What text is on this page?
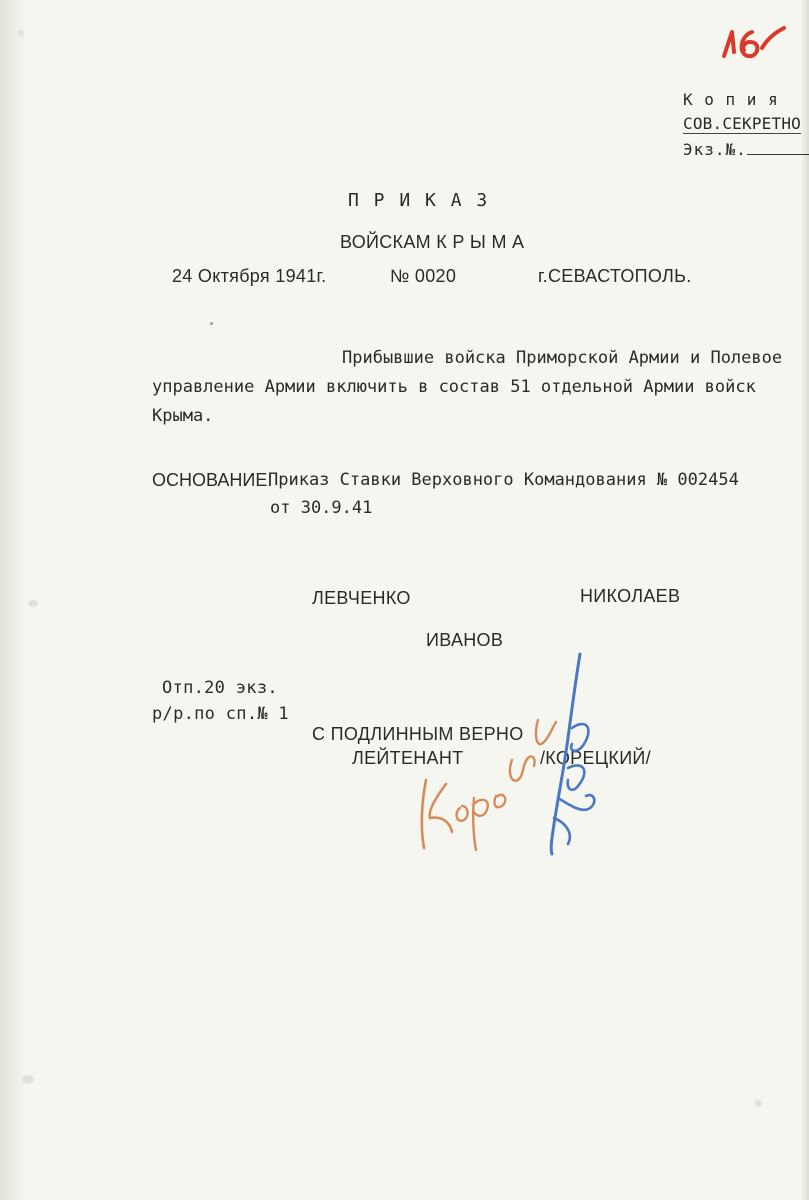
К о п и я
СОВ.СЕКРЕТНО
Экз.№.
П Р И К А З
ВОЙСКАМ К Р Ы М А
24 Октября 1941г.	№ 0020	г.СЕВАСТОПОЛЬ.
Прибывшие войска Приморской Армии и Полевое
управление Армии включить в состав 51 отдельной Армии войск
Крыма.
ОСНОВАНИЕ:
Приказ Ставки Верховного Командования № 002454
от 30.9.41
ЛЕВЧЕНКО	НИКОЛАЕВ
ИВАНОВ
Отп.20 экз.
р/р.по сп.№ 1
С ПОДЛИННЫМ ВЕРНО
ЛЕЙТЕНАНТ	/КОРЕЦКИЙ/
